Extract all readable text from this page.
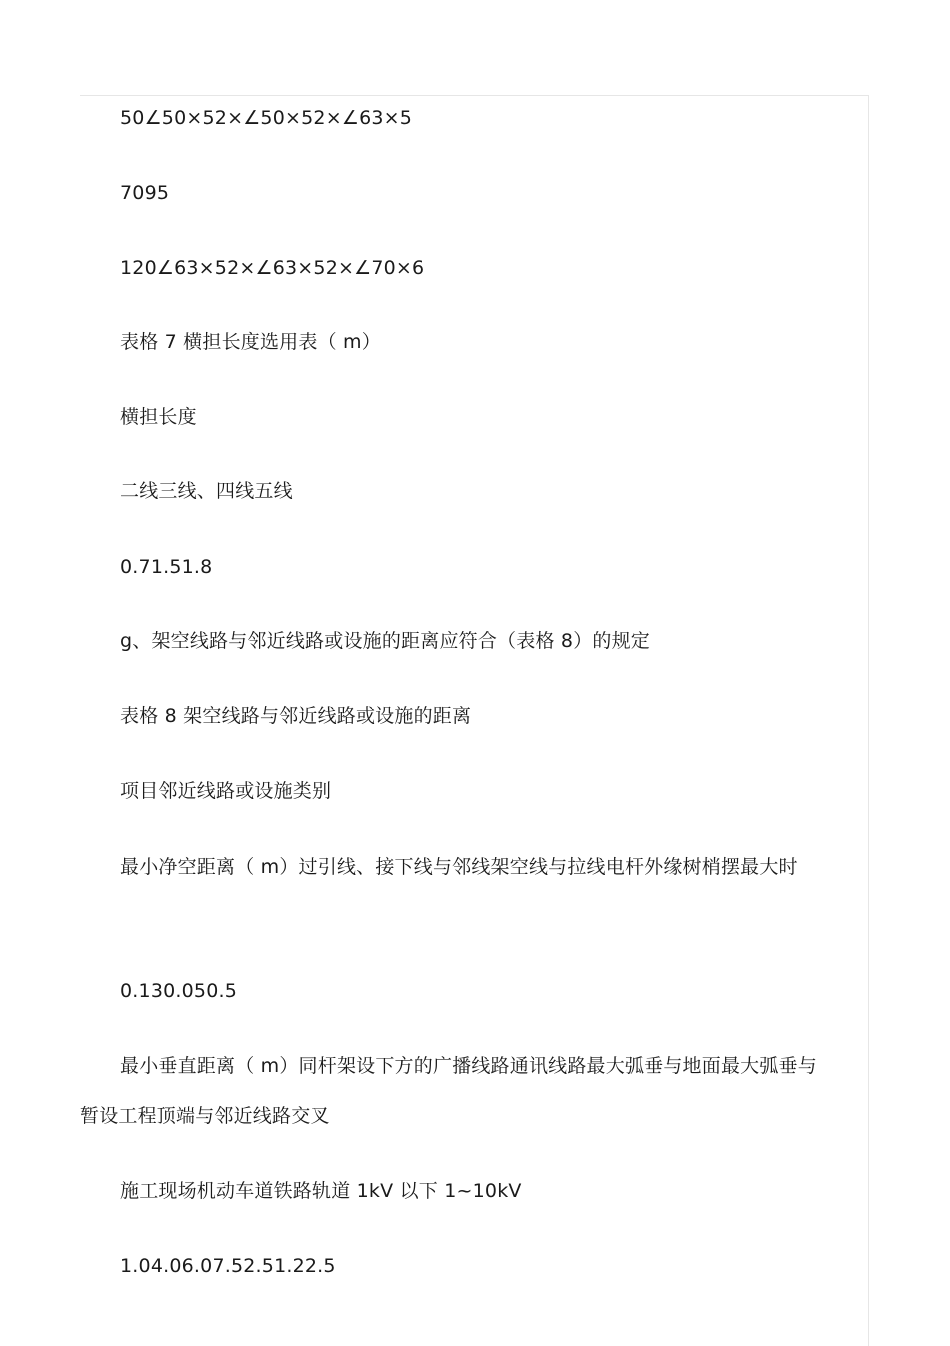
50∠50×52×∠50×52×∠63×5
7095
120∠63×52×∠63×52×∠70×6
表格 7 横担长度选用表（ m）
横担长度
二线三线、四线五线
0.71.51.8
g、架空线路与邻近线路或设施的距离应符合（表格 8）的规定
表格 8 架空线路与邻近线路或设施的距离
项目邻近线路或设施类别
最小净空距离（ m）过引线、接下线与邻线架空线与拉线电杆外缘树梢摆最大时
0.130.050.5
最小垂直距离（ m）同杆架设下方的广播线路通讯线路最大弧垂与地面最大弧垂与暂设工程顶端与邻近线路交叉
施工现场机动车道铁路轨道 1kV 以下 1~10kV
1.04.06.07.52.51.22.5
